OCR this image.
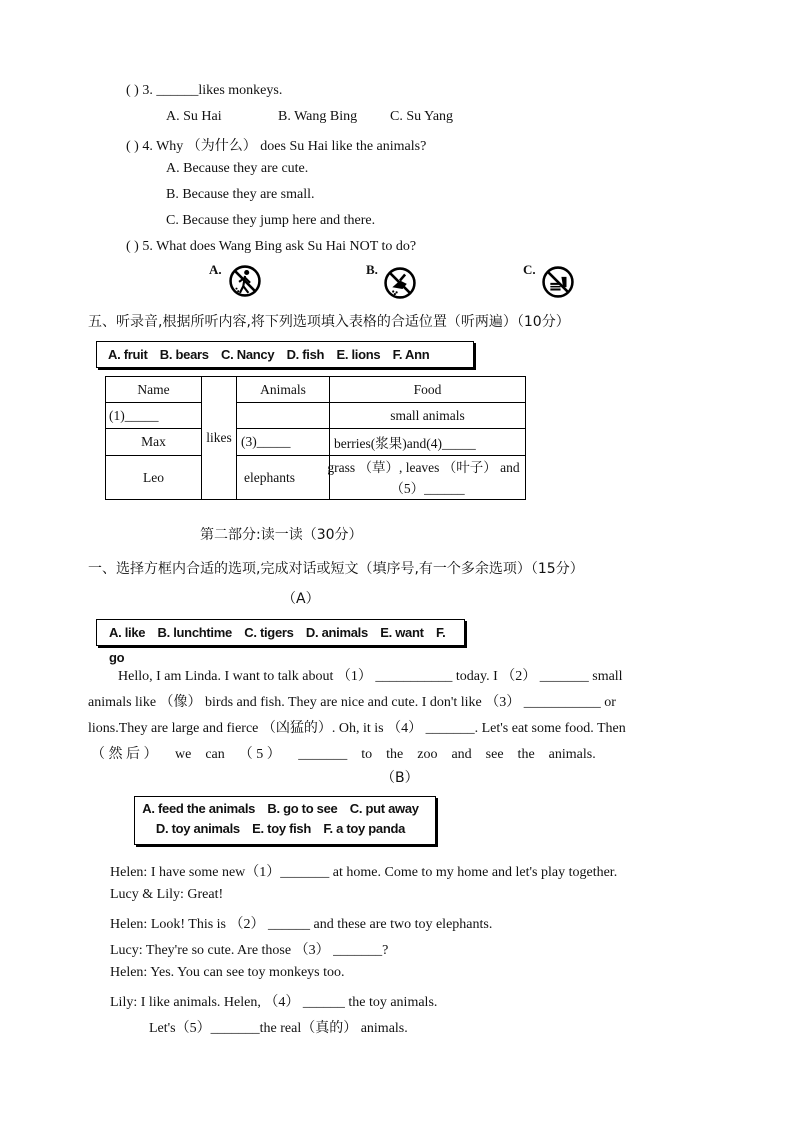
( ) 3. ______likes monkeys.
A. Su Hai	B. Wang Bing C. Su Yang
( ) 4. Why （为什么） does Su Hai like the animals?
A. Because they are cute.
B. Because they are small.
C. Because they jump here and there.
( ) 5. What does Wang Bing ask Su Hai NOT to do?
A.	B.	C.
五、听录音,根据所听内容,将下列选项填入表格的合适位置（听两遍）（10分）
A. fruit B. bears C. Nancy D. fish E. lions F. Ann
Name	likes	Animals	Food
(1)_____			small animals
Max		(3)_____	berries(浆果)and(4)_____
Leo		elephants	grass （草）, leaves （叶子） and
（5）______
第二部分:读一读（30分）
一、选择方框内合适的选项,完成对话或短文（填序号,有一个多余选项）（15分）
（A）
A. like B. lunchtime C. tigers D. animals E. want F. go
Hello, I am Linda. I want to talk about （1） ___________ today. I （2） _______ small
animals like （像） birds and fish. They are nice and cute. I don't like （3） ___________ or
lions.They are large and fierce （凶猛的）. Oh, it is （4） _______. Let's eat some food. Then
（ 然 后 ）     we    can    （ 5 ）     _______    to    the    zoo    and    see    the    animals.
（B）
A. feed the animals B. go to see C. put away
D. toy animals E. toy fish F. a toy panda
Helen: I have some new（1）_______ at home. Come to my home and let's play together.
Lucy & Lily: Great!
Helen: Look! This is （2） ______ and these are two toy elephants.
Lucy: They're so cute. Are those （3） _______?
Helen: Yes. You can see toy monkeys too.
Lily: I like animals. Helen, （4） ______ the toy animals.
Let's（5）_______the real（真的） animals.
